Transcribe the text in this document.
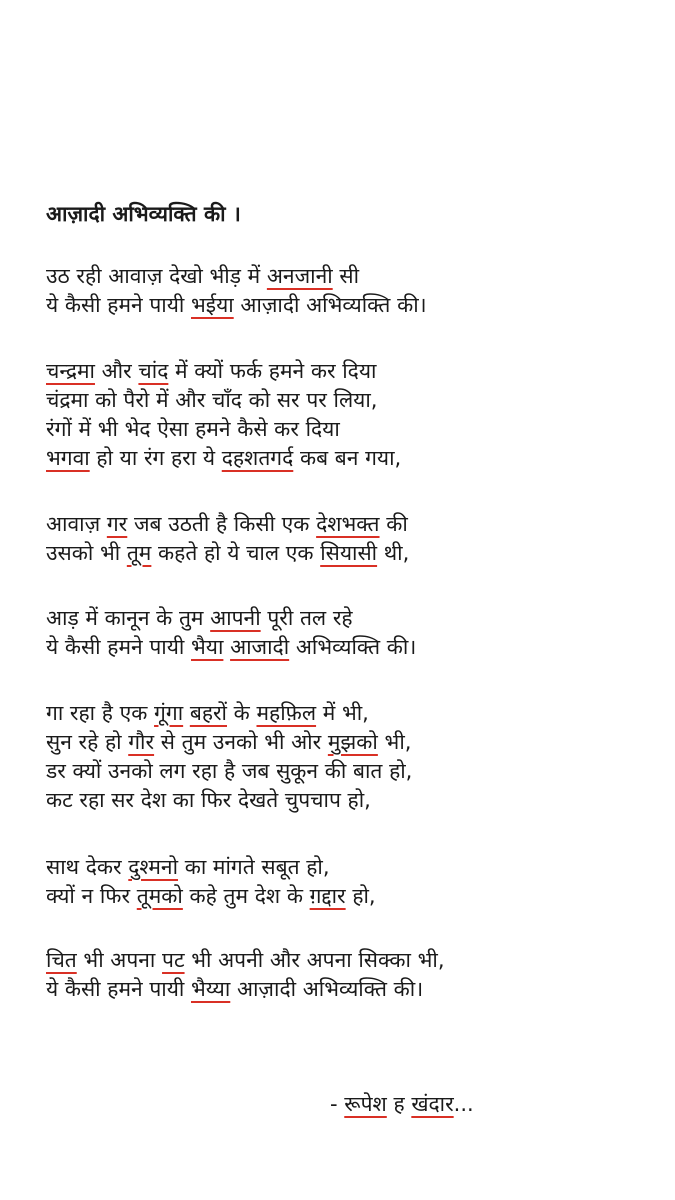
आज़ादी अभिव्यक्ति की ।
उठ रही आवाज़ देखो भीड़ में अनजानी सी
ये कैसी हमने पायी भईया आज़ादी अभिव्यक्ति की।
चन्द्रमा और चांद में क्यों फर्क हमने कर दिया
चंद्रमा को पैरो में और चाँद को सर पर लिया,
रंगों में भी भेद ऐसा हमने कैसे कर दिया
भगवा हो या रंग हरा ये दहशतगर्द कब बन गया,
आवाज़ गर जब उठती है किसी एक देशभक्त की
उसको भी तूम कहते हो ये चाल एक सियासी थी,
आड़ में कानून के तुम आपनी पूरी तल रहे
ये कैसी हमने पायी भैया आजादी अभिव्यक्ति की।
गा रहा है एक गूंगा बहरों के महफ़िल में भी,
सुन रहे हो गौर से तुम उनको भी ओर मुझको भी,
डर क्यों उनको लग रहा है जब सुकून की बात हो,
कट रहा सर देश का फिर देखते चुपचाप हो,
साथ देकर दुश्मनो का मांगते सबूत हो,
क्यों न फिर तूमको कहे तुम देश के ग़द्दार हो,
चित भी अपना पट भी अपनी और अपना सिक्का भी,
ये कैसी हमने पायी भैय्या आज़ादी अभिव्यक्ति की।
- रूपेश ह खंदार...
